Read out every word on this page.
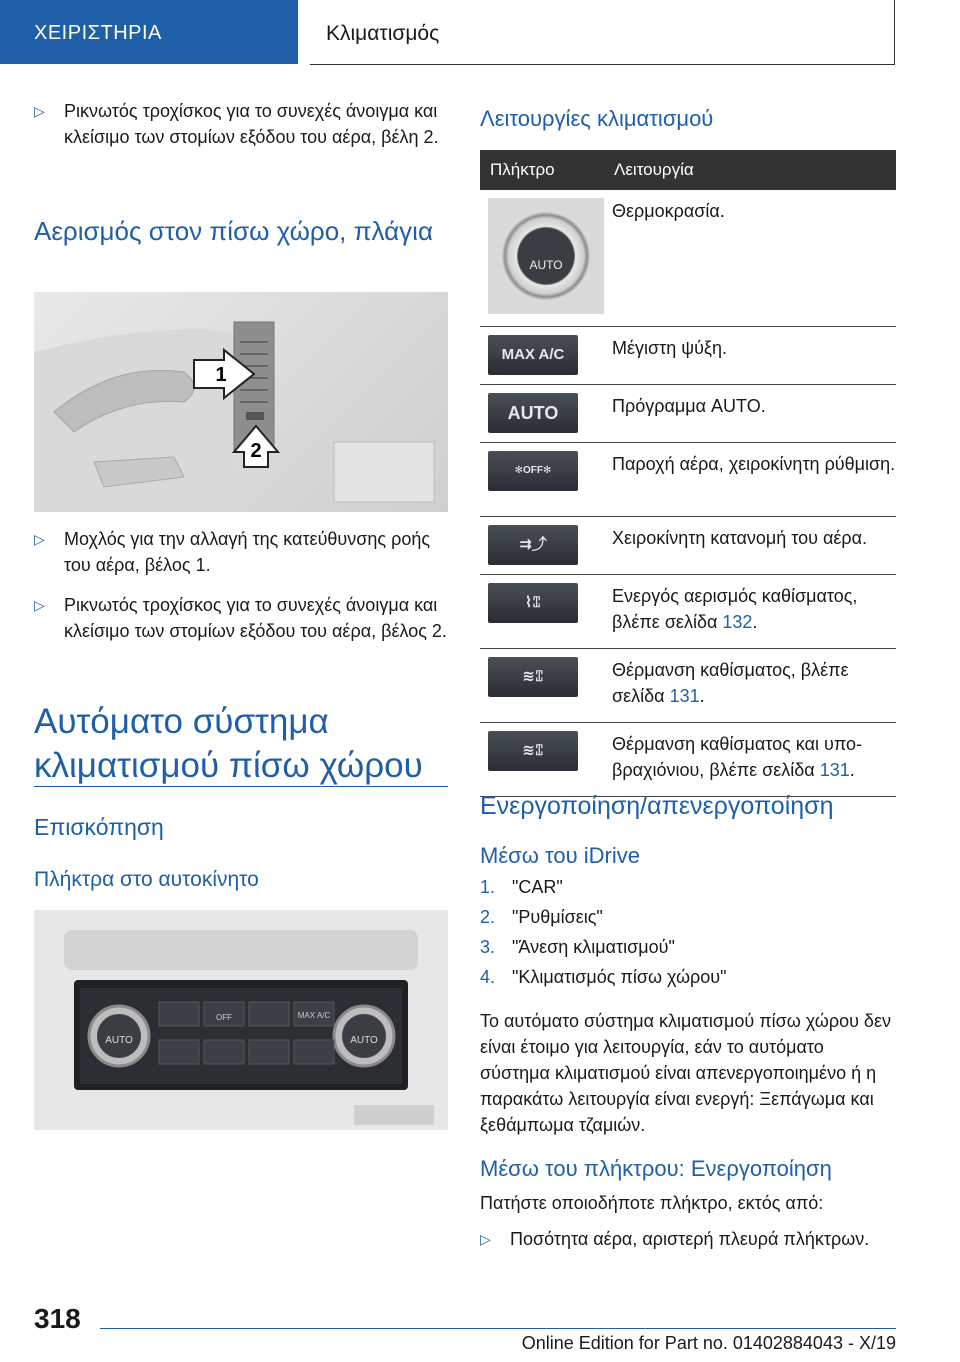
ΧΕΙΡΙΣΤΗΡΙΑ	Κλιματισμός
▷ Ρικνωτός τροχίσκος για το συνεχές άνοιγμα και κλείσιμο των στομίων εξόδου του αέρα, βέλη 2.
Αερισμός στον πίσω χώρο, πλάγια
1
2
▷ Μοχλός για την αλλαγή της κατεύθυνσης ροής του αέρα, βέλος 1.
▷ Ρικνωτός τροχίσκος για το συνεχές άνοιγμα και κλείσιμο των στομίων εξόδου του αέρα, βέλος 2.
Αυτόματο σύστημα κλιματισμού πίσω χώρου
Επισκόπηση
Πλήκτρα στο αυτοκίνητο
AUTO	AUTO
OFF	MAX A/C
Λειτουργίες κλιματισμού
Πλήκτρο	Λειτουργία

AUTO	Θερμοκρασία.

MAX A/C	Μέγιστη ψύξη.

AUTO	Πρόγραμμα AUTO.

✻ OFF ✻	Παροχή αέρα, χειροκίνητη ρύθμιση.

⇉⤴	Χειροκίνητη κατανομή του αέρα.

⌇⑄	Ενεργός αερισμός καθίσματος, βλέπε σελίδα 132.

≋⑄	Θέρμανση καθίσματος, βλέπε σελίδα 131.

≋⑄	Θέρμανση καθίσματος και υποβραχιόνιου, βλέπε σελίδα 131.
Ενεργοποίηση/απενεργοποίηση
Μέσω του iDrive
1. "CAR"
2. "Ρυθμίσεις"
3. "Άνεση κλιματισμού"
4. "Κλιματισμός πίσω χώρου"
Το αυτόματο σύστημα κλιματισμού πίσω χώρου δεν είναι έτοιμο για λειτουργία, εάν το αυτόματο σύστημα κλιματισμού είναι απενεργοποιημένο ή η παρακάτω λειτουργία είναι ενεργή: Ξεπάγωμα και ξεθάμπωμα τζαμιών.
Μέσω του πλήκτρου: Ενεργοποίηση
Πατήστε οποιοδήποτε πλήκτρο, εκτός από:
▷ Ποσότητα αέρα, αριστερή πλευρά πλήκτρων.
318
Online Edition for Part no. 01402884043 - X/19
